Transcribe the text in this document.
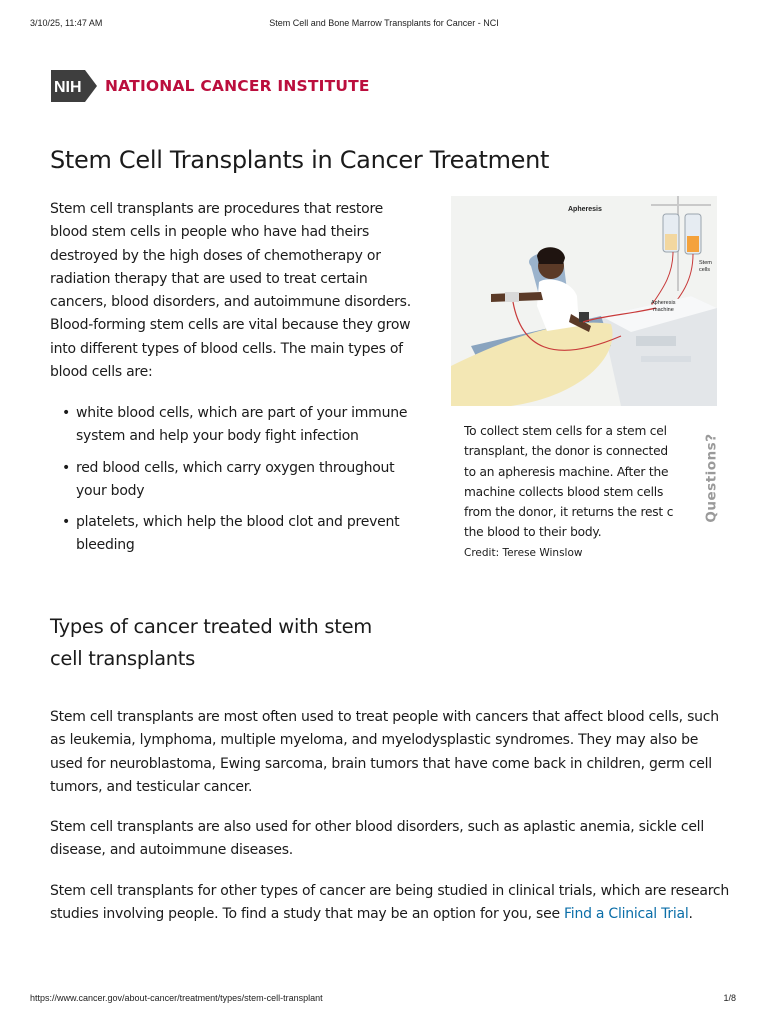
3/10/25, 11:47 AM	Stem Cell and Bone Marrow Transplants for Cancer - NCI
NIH NATIONAL CANCER INSTITUTE
Stem Cell Transplants in Cancer Treatment

Stem cell transplants are procedures that restore blood stem cells in people who have had theirs destroyed by the high doses of chemotherapy or radiation therapy that are used to treat certain cancers, blood disorders, and autoimmune disorders. Blood-forming stem cells are vital because they grow into different types of blood cells. The main types of blood cells are:

• white blood cells, which are part of your immune system and help your body fight infection
• red blood cells, which carry oxygen throughout your body
• platelets, which help the blood clot and prevent bleeding
Apheresis
Stem
cells
Apheresis
machine
To collect stem cells for a stem cel
transplant, the donor is connected
to an apheresis machine. After the
machine collects blood stem cells
from the donor, it returns the rest c
the blood to their body.
Credit: Terese Winslow
Questions?
Types of cancer treated with stem cell transplants

Stem cell transplants are most often used to treat people with cancers that affect blood cells, such as leukemia, lymphoma, multiple myeloma, and myelodysplastic syndromes. They may also be used for neuroblastoma, Ewing sarcoma, brain tumors that have come back in children, germ cell tumors, and testicular cancer.

Stem cell transplants are also used for other blood disorders, such as aplastic anemia, sickle cell disease, and autoimmune diseases.

Stem cell transplants for other types of cancer are being studied in clinical trials, which are research studies involving people. To find a study that may be an option for you, see Find a Clinical Trial.

https://www.cancer.gov/about-cancer/treatment/types/stem-cell-transplant	1/8
